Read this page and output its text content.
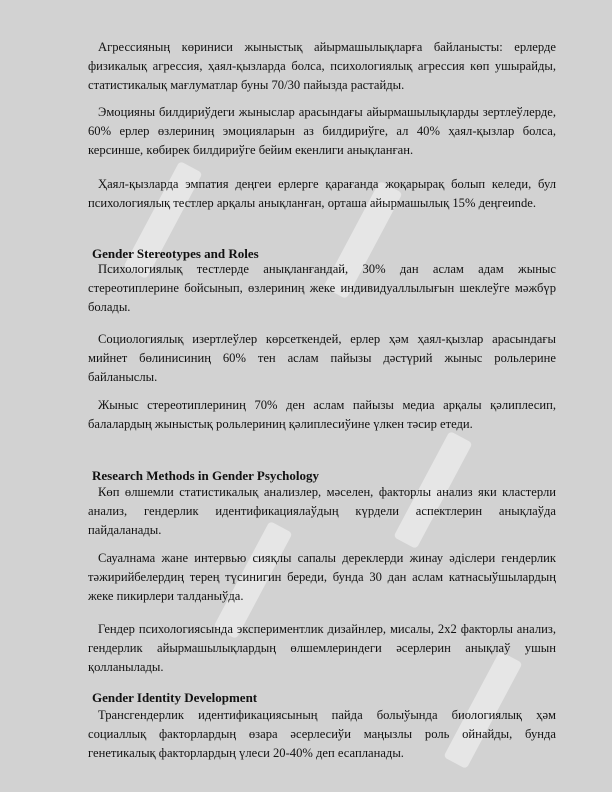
Агрессияның көриниси жыныстық айырмашылықларға байланысты: ерлерде физикалық агрессия, ҳаял-қызларда болса, психологиялық агрессия көп ушырайды, статистикалық мағлуматлар буны 70/30 пайызда растайды.

Эмоцияны билдириўдеги жыныслар арасындағы айырмашылықларды зертлеўлерде, 60% ерлер өзлериниң эмоцияларын аз билдириўге, ал 40% ҳаял-қызлар болса, керсинше, көбирек билдириўге бейим екенлиги анықланған.

Ҳаял-қызларда эмпатия деңгеи ерлерге қарағанда жоқарырақ болып келеди, бул психологиялық тестлер арқалы анықланған, орташа айырмашылық 15% деңгеиnde.

Gender Stereotypes and Roles

Психологиялық тестлерде анықланғандай, 30% дан аслам адам жыныс стереотиплерине бойсынып, өзлериниң жеке индивидуаллылығын шеклеўге мәжбүр болады.

Социологиялық изертлеўлер көрсеткендей, ерлер ҳәм ҳаял-қызлар арасындағы мийнет бөлинисиниң 60% тен аслам пайызы дәстүрий жыныс рольлерине байланыслы.

Жыныс стереотиплериниң 70% ден аслам пайызы медиа арқалы қәлиплесип, балалардың жыныстық рольлериниң қәлиплесиўине үлкен тәсир етеди.

Research Methods in Gender Psychology

Көп өлшемли статистикалық анализлер, мәселен, факторлы анализ яки кластерли анализ, гендерлик идентификациялаўдың күрдели аспектлерин анықлаўда пайдаланады.

Сауалнама жане интервью сияқлы сапалы дереклерди жинау әдiслери гендерлик тәжирийбелердиң терең түсинигин береди, бунда 30 дан аслам катнасыўшылардың жеке пикирлери талданыўда.

Гендер психологиясында экспериментлик дизайнлер, мисалы, 2x2 факторлы анализ, гендерлик айырмашылықлардың өлшемлериндеги әсерлерин анықлаў ушын қолланылады.

Gender Identity Development

Трансгендерлик идентификациясының пайда болыўында биологиялық ҳәм социаллық факторлардың өзара әсерлесиўи маңызлы роль ойнайды, бунда генетикалық факторлардың үлеси 20-40% деп есапланады.
